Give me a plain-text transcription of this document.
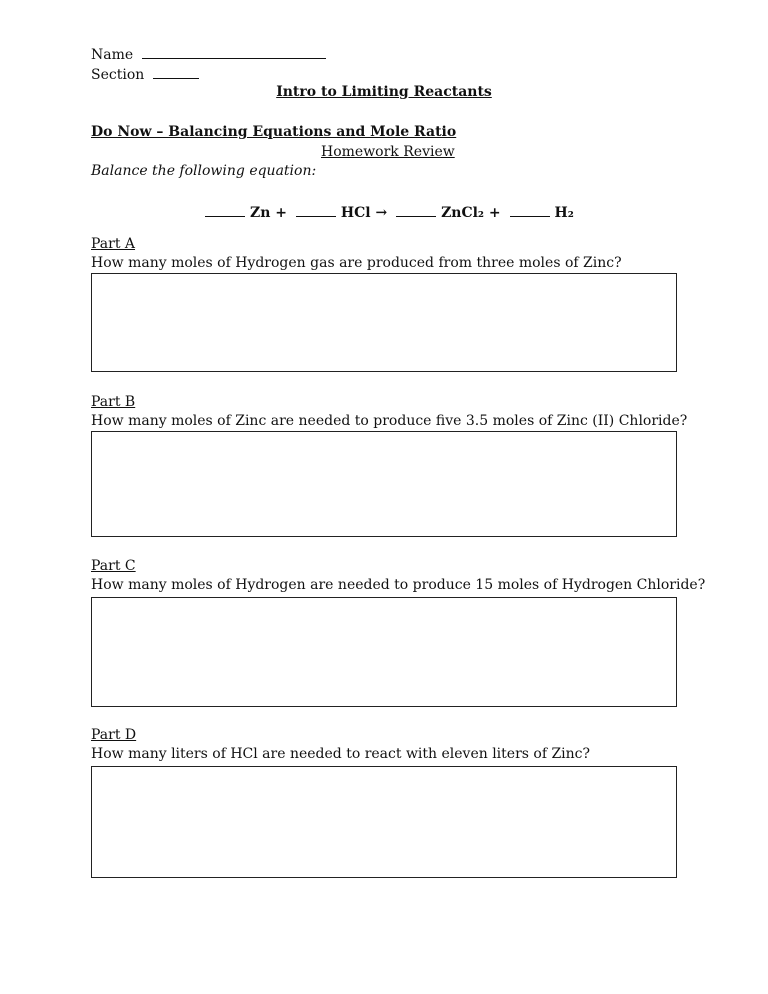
Name
Section
Intro to Limiting Reactants
Do Now – Balancing Equations and Mole Ratio
Homework Review
Balance the following equation:
Zn +	HCl →	ZnCl₂ +	H₂
Part A
How many moles of Hydrogen gas are produced from three moles of Zinc?
Part B
How many moles of Zinc are needed to produce five 3.5 moles of Zinc (II) Chloride?
Part C
How many moles of Hydrogen are needed to produce 15 moles of Hydrogen Chloride?
Part D
How many liters of HCl are needed to react with eleven liters of Zinc?
